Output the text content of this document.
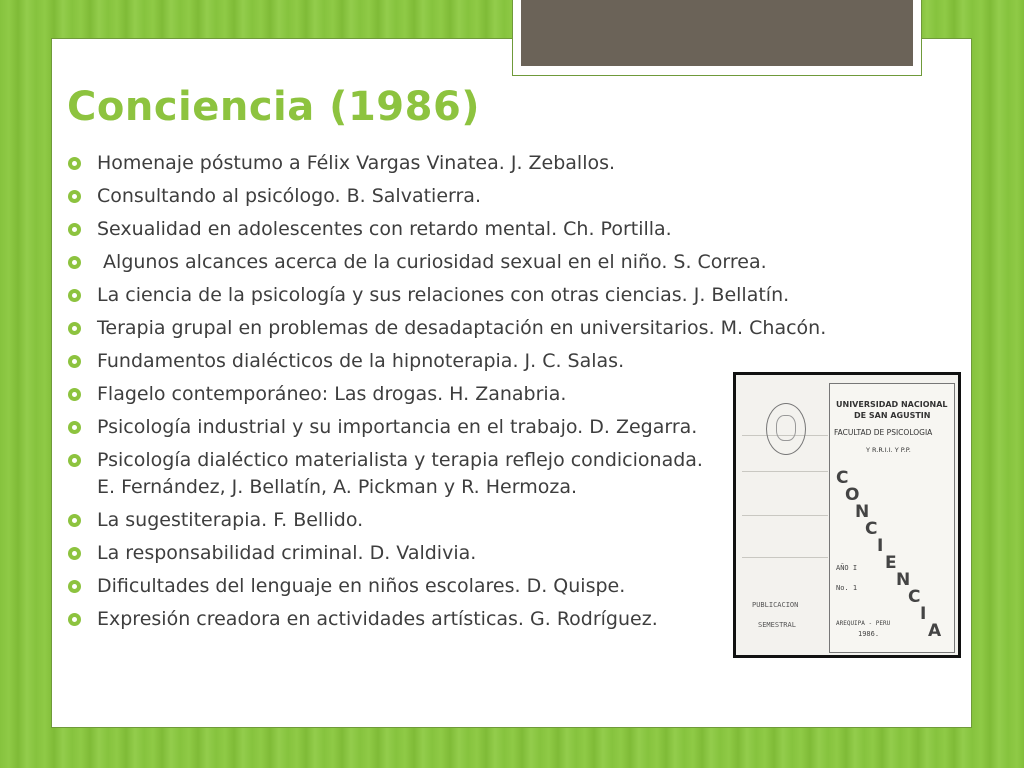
Conciencia (1986)
Homenaje póstumo a Félix Vargas Vinatea. J. Zeballos.
Consultando al psicólogo. B. Salvatierra.
Sexualidad en adolescentes con retardo mental. Ch. Portilla.
Algunos alcances acerca de la curiosidad sexual en el niño. S. Correa.
La ciencia de la psicología y sus relaciones con otras ciencias. J. Bellatín.
Terapia grupal en problemas de desadaptación en universitarios. M. Chacón.
Fundamentos dialécticos de la hipnoterapia. J. C. Salas.
Flagelo contemporáneo: Las drogas. H. Zanabria.
Psicología industrial y su importancia en el trabajo. D. Zegarra.
Psicología dialéctico materialista y terapia reflejo condicionada. E. Fernández, J. Bellatín, A. Pickman y R. Hermoza.
La sugestiterapia. F. Bellido.
La responsabilidad criminal. D. Valdivia.
Dificultades del lenguaje en niños escolares. D. Quispe.
Expresión creadora en actividades artísticas. G. Rodríguez.
PUBLICACION
SEMESTRAL
UNIVERSIDAD NACIONAL
DE SAN AGUSTIN
FACULTAD DE PSICOLOGIA
Y R.R.I.I. Y P.P.
C
O
N
C
I
E
N
C
I
A
AÑO I
No. 1
AREQUIPA - PERU
1986.
